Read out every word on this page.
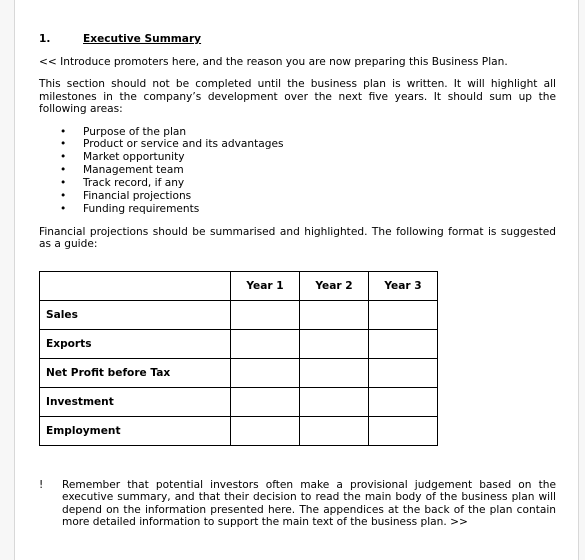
1.	Executive Summary

<< Introduce promoters here, and the reason you are now preparing this Business Plan.

This section should not be completed until the business plan is written. It will highlight all milestones in the company’s development over the next five years. It should sum up the following areas:

• Purpose of the plan
• Product or service and its advantages
• Market opportunity
• Management team
• Track record, if any
• Financial projections
• Funding requirements

Financial projections should be summarised and highlighted. The following format is suggested as a guide:

	Year 1	Year 2	Year 3
Sales			
Exports			
Net Profit before Tax			
Investment			
Employment			
! Remember that potential investors often make a provisional judgement based on the executive summary, and that their decision to read the main body of the business plan will depend on the information presented here. The appendices at the back of the plan contain more detailed information to support the main text of the business plan. >>
